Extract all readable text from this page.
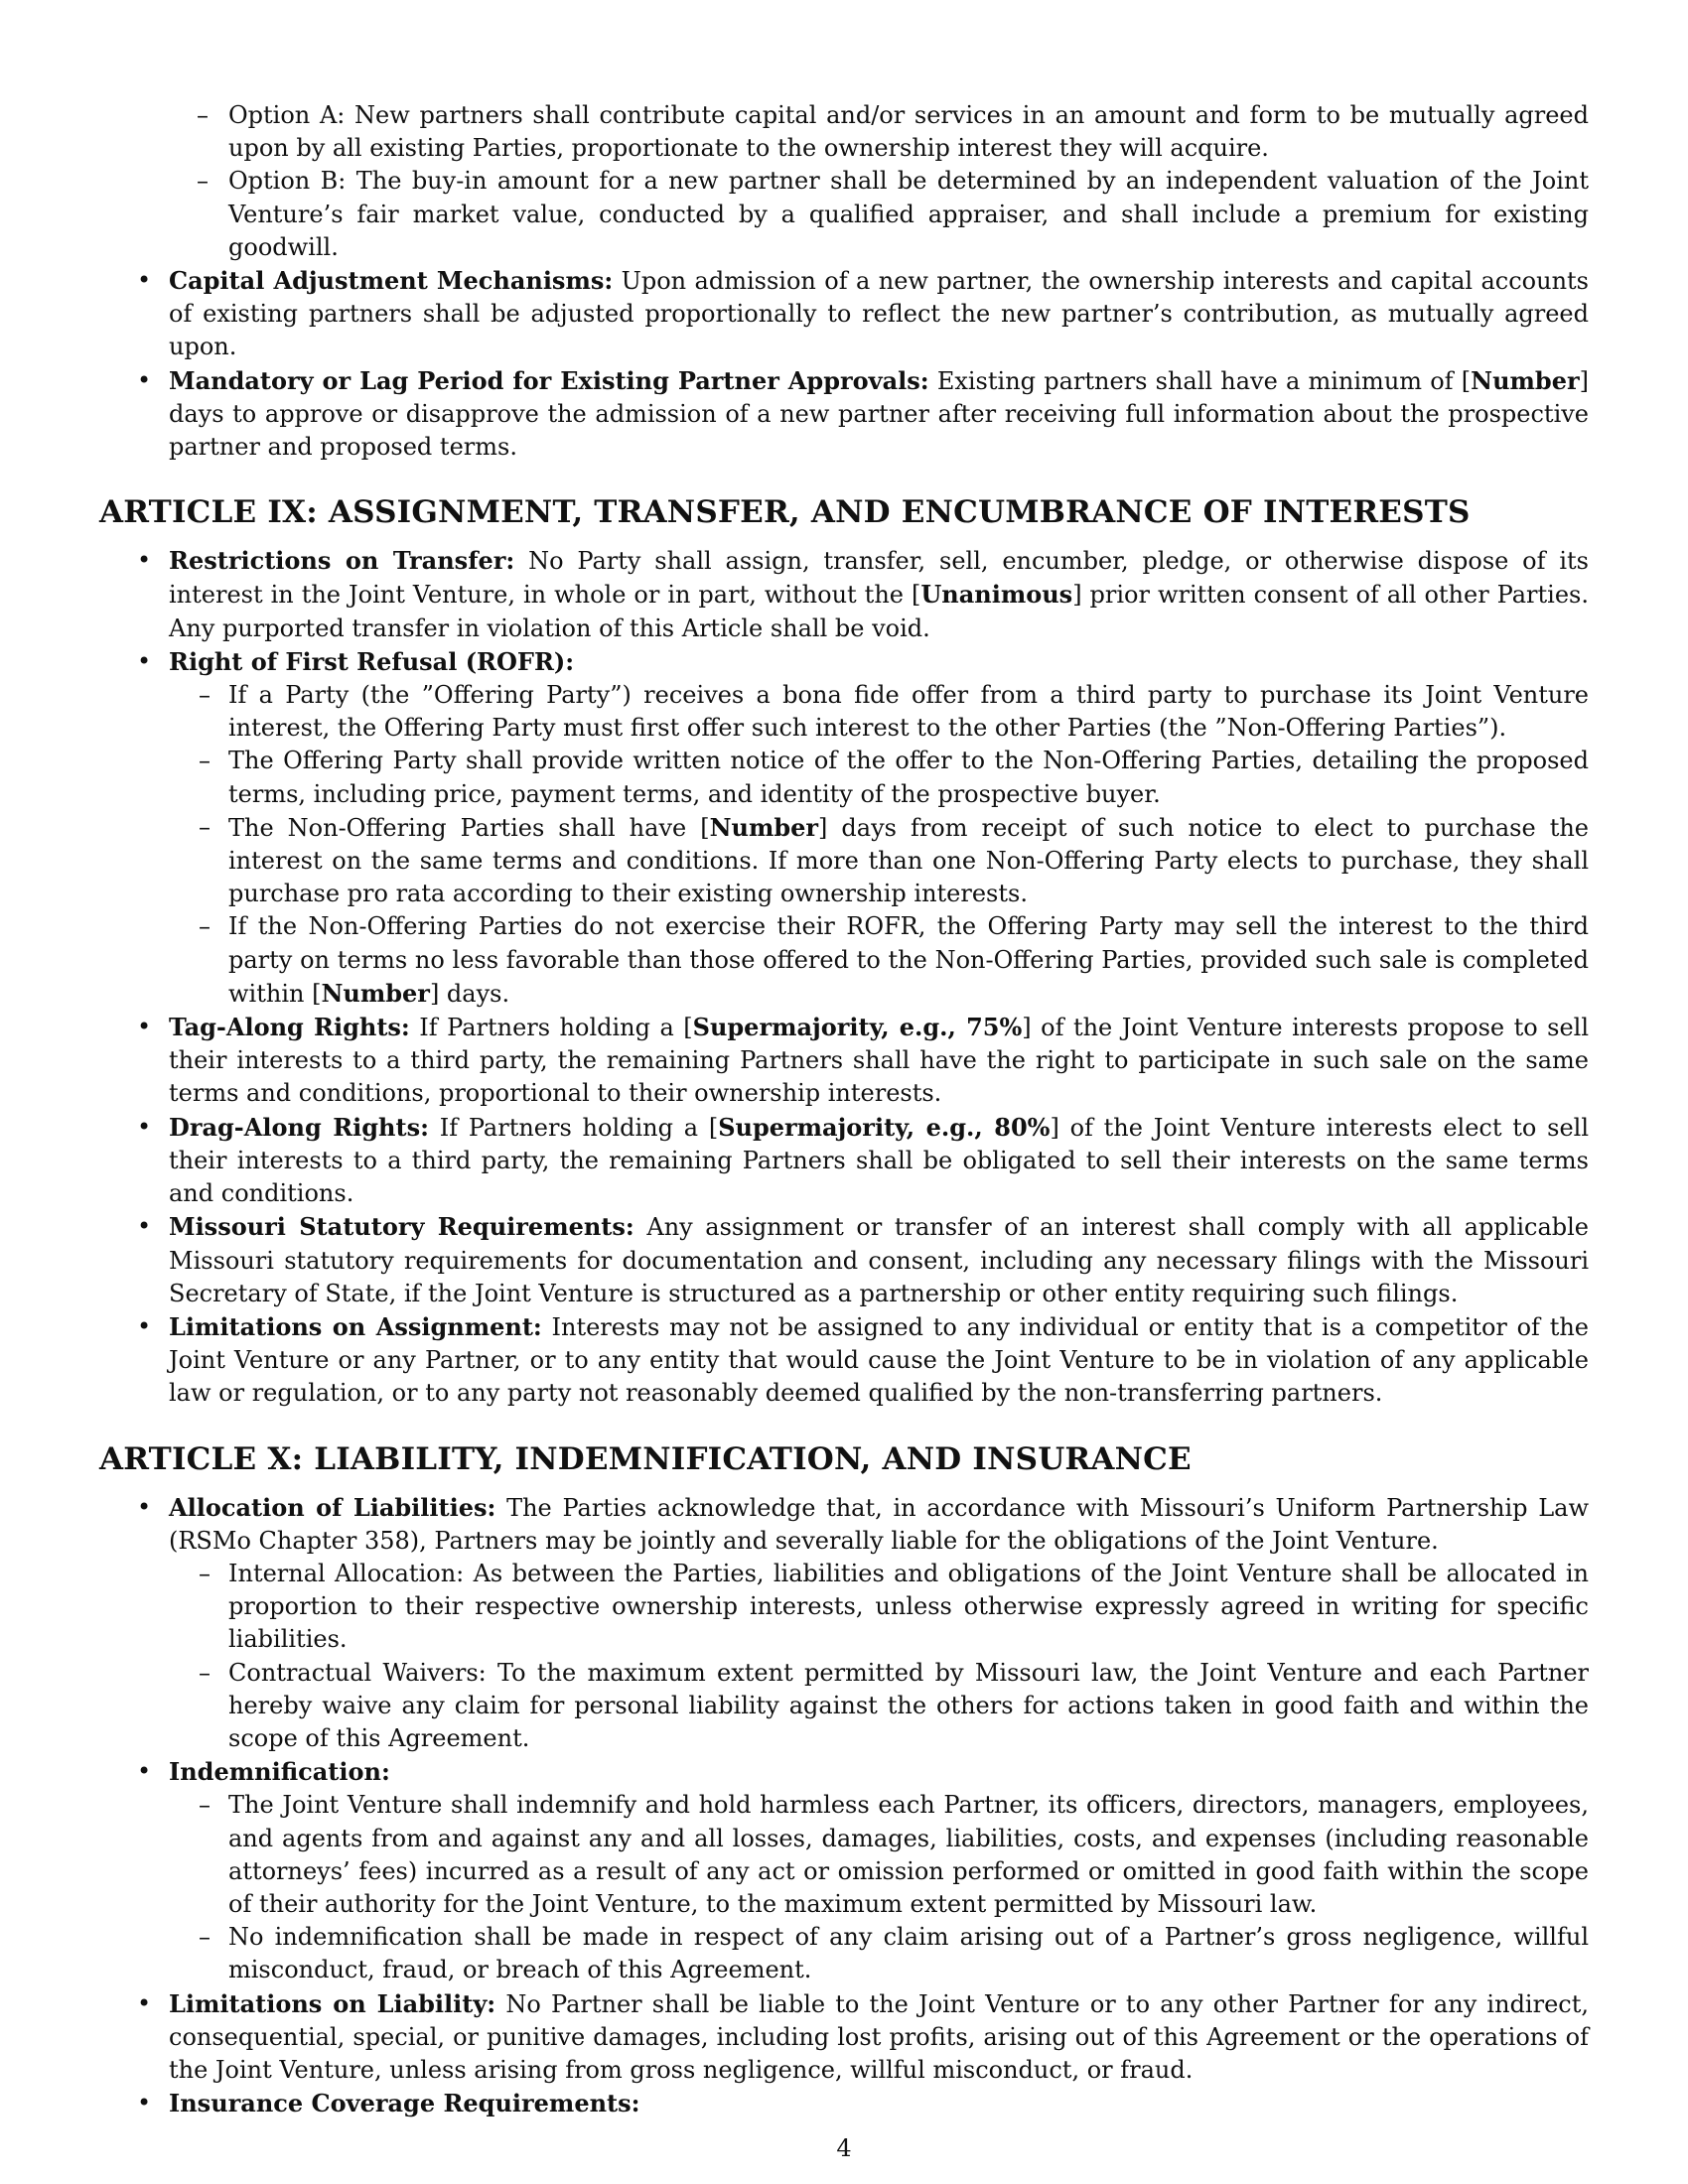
– Option A: New partners shall contribute capital and/or services in an amount and form to be mutually agreed upon by all existing Parties, proportionate to the ownership interest they will acquire.
– Option B: The buy-in amount for a new partner shall be determined by an independent valuation of the Joint Venture’s fair market value, conducted by a qualified appraiser, and shall include a premium for existing goodwill.
• Capital Adjustment Mechanisms: Upon admission of a new partner, the ownership interests and capital accounts of existing partners shall be adjusted proportionally to reflect the new partner’s contribution, as mutually agreed upon.
• Mandatory or Lag Period for Existing Partner Approvals: Existing partners shall have a minimum of [Number] days to approve or disapprove the admission of a new partner after receiving full information about the prospective partner and proposed terms.
ARTICLE IX: ASSIGNMENT, TRANSFER, AND ENCUMBRANCE OF INTERESTS
• Restrictions on Transfer: No Party shall assign, transfer, sell, encumber, pledge, or otherwise dispose of its interest in the Joint Venture, in whole or in part, without the [Unanimous] prior written consent of all other Parties. Any purported transfer in violation of this Article shall be void.
• Right of First Refusal (ROFR):
– If a Party (the ”Offering Party”) receives a bona fide offer from a third party to purchase its Joint Venture interest, the Offering Party must first offer such interest to the other Parties (the ”Non-Offering Parties”).
– The Offering Party shall provide written notice of the offer to the Non-Offering Parties, detailing the proposed terms, including price, payment terms, and identity of the prospective buyer.
– The Non-Offering Parties shall have [Number] days from receipt of such notice to elect to purchase the interest on the same terms and conditions. If more than one Non-Offering Party elects to purchase, they shall purchase pro rata according to their existing ownership interests.
– If the Non-Offering Parties do not exercise their ROFR, the Offering Party may sell the interest to the third party on terms no less favorable than those offered to the Non-Offering Parties, provided such sale is completed within [Number] days.
• Tag-Along Rights: If Partners holding a [Supermajority, e.g., 75%] of the Joint Venture interests propose to sell their interests to a third party, the remaining Partners shall have the right to participate in such sale on the same terms and conditions, proportional to their ownership interests.
• Drag-Along Rights: If Partners holding a [Supermajority, e.g., 80%] of the Joint Venture interests elect to sell their interests to a third party, the remaining Partners shall be obligated to sell their interests on the same terms and conditions.
• Missouri Statutory Requirements: Any assignment or transfer of an interest shall comply with all applicable Missouri statutory requirements for documentation and consent, including any necessary filings with the Missouri Secretary of State, if the Joint Venture is structured as a partnership or other entity requiring such filings.
• Limitations on Assignment: Interests may not be assigned to any individual or entity that is a competitor of the Joint Venture or any Partner, or to any entity that would cause the Joint Venture to be in violation of any applicable law or regulation, or to any party not reasonably deemed qualified by the non-transferring partners.
ARTICLE X: LIABILITY, INDEMNIFICATION, AND INSURANCE
• Allocation of Liabilities: The Parties acknowledge that, in accordance with Missouri’s Uniform Partnership Law (RSMo Chapter 358), Partners may be jointly and severally liable for the obligations of the Joint Venture.
– Internal Allocation: As between the Parties, liabilities and obligations of the Joint Venture shall be allocated in proportion to their respective ownership interests, unless otherwise expressly agreed in writing for specific liabilities.
– Contractual Waivers: To the maximum extent permitted by Missouri law, the Joint Venture and each Partner hereby waive any claim for personal liability against the others for actions taken in good faith and within the scope of this Agreement.
• Indemnification:
– The Joint Venture shall indemnify and hold harmless each Partner, its officers, directors, managers, employees, and agents from and against any and all losses, damages, liabilities, costs, and expenses (including reasonable attorneys’ fees) incurred as a result of any act or omission performed or omitted in good faith within the scope of their authority for the Joint Venture, to the maximum extent permitted by Missouri law.
– No indemnification shall be made in respect of any claim arising out of a Partner’s gross negligence, willful misconduct, fraud, or breach of this Agreement.
• Limitations on Liability: No Partner shall be liable to the Joint Venture or to any other Partner for any indirect, consequential, special, or punitive damages, including lost profits, arising out of this Agreement or the operations of the Joint Venture, unless arising from gross negligence, willful misconduct, or fraud.
• Insurance Coverage Requirements:
4
